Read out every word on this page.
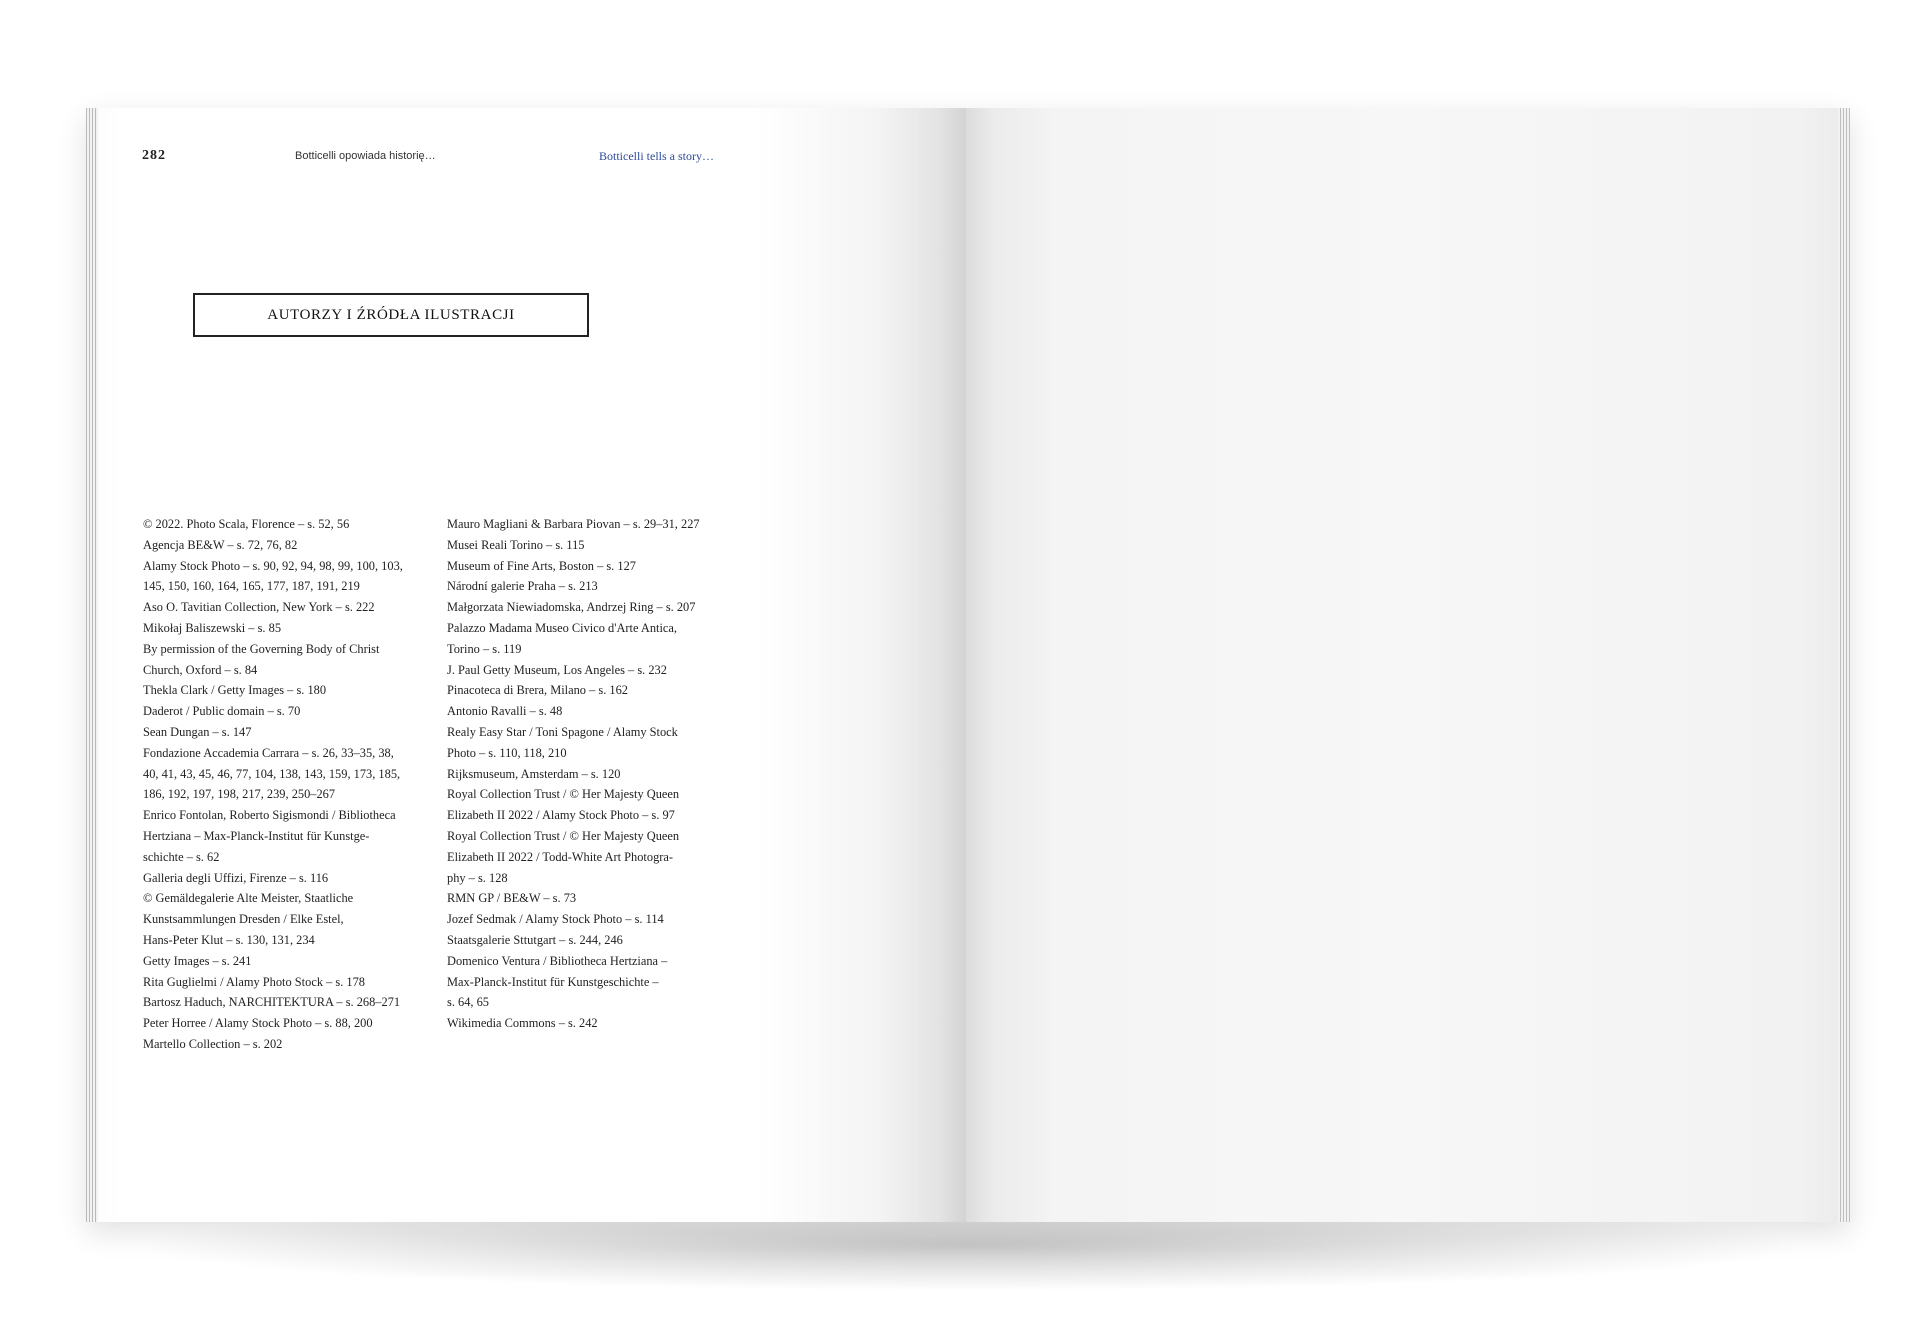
282	Botticelli opowiada historię…	Botticelli tells a story…
AUTORZY I ŹRÓDŁA ILUSTRACJI
© 2022. Photo Scala, Florence – s. 52, 56
Agencja BE&W – s. 72, 76, 82
Alamy Stock Photo – s. 90, 92, 94, 98, 99, 100, 103,
145, 150, 160, 164, 165, 177, 187, 191, 219
Aso O. Tavitian Collection, New York – s. 222
Mikołaj Baliszewski – s. 85
By permission of the Governing Body of Christ
Church, Oxford – s. 84
Thekla Clark / Getty Images – s. 180
Daderot / Public domain – s. 70
Sean Dungan – s. 147
Fondazione Accademia Carrara – s. 26, 33–35, 38,
40, 41, 43, 45, 46, 77, 104, 138, 143, 159, 173, 185,
186, 192, 197, 198, 217, 239, 250–267
Enrico Fontolan, Roberto Sigismondi / Bibliotheca
Hertziana – Max-Planck-Institut für Kunstge-
schichte – s. 62
Galleria degli Uffizi, Firenze – s. 116
© Gemäldegalerie Alte Meister, Staatliche
Kunstsammlungen Dresden / Elke Estel,
Hans-Peter Klut – s. 130, 131, 234
Getty Images – s. 241
Rita Guglielmi / Alamy Photo Stock – s. 178
Bartosz Haduch, NARCHITEKTURA – s. 268–271
Peter Horree / Alamy Stock Photo – s. 88, 200
Martello Collection – s. 202
Mauro Magliani & Barbara Piovan – s. 29–31, 227
Musei Reali Torino – s. 115
Museum of Fine Arts, Boston – s. 127
Národní galerie Praha – s. 213
Małgorzata Niewiadomska, Andrzej Ring – s. 207
Palazzo Madama Museo Civico d'Arte Antica,
Torino – s. 119
J. Paul Getty Museum, Los Angeles – s. 232
Pinacoteca di Brera, Milano – s. 162
Antonio Ravalli – s. 48
Realy Easy Star / Toni Spagone / Alamy Stock
Photo – s. 110, 118, 210
Rijksmuseum, Amsterdam – s. 120
Royal Collection Trust / © Her Majesty Queen
Elizabeth II 2022 / Alamy Stock Photo – s. 97
Royal Collection Trust / © Her Majesty Queen
Elizabeth II 2022 / Todd-White Art Photogra-
phy – s. 128
RMN GP / BE&W – s. 73
Jozef Sedmak / Alamy Stock Photo – s. 114
Staatsgalerie Sttutgart – s. 244, 246
Domenico Ventura / Bibliotheca Hertziana –
Max-Planck-Institut für Kunstgeschichte –
s. 64, 65
Wikimedia Commons – s. 242
